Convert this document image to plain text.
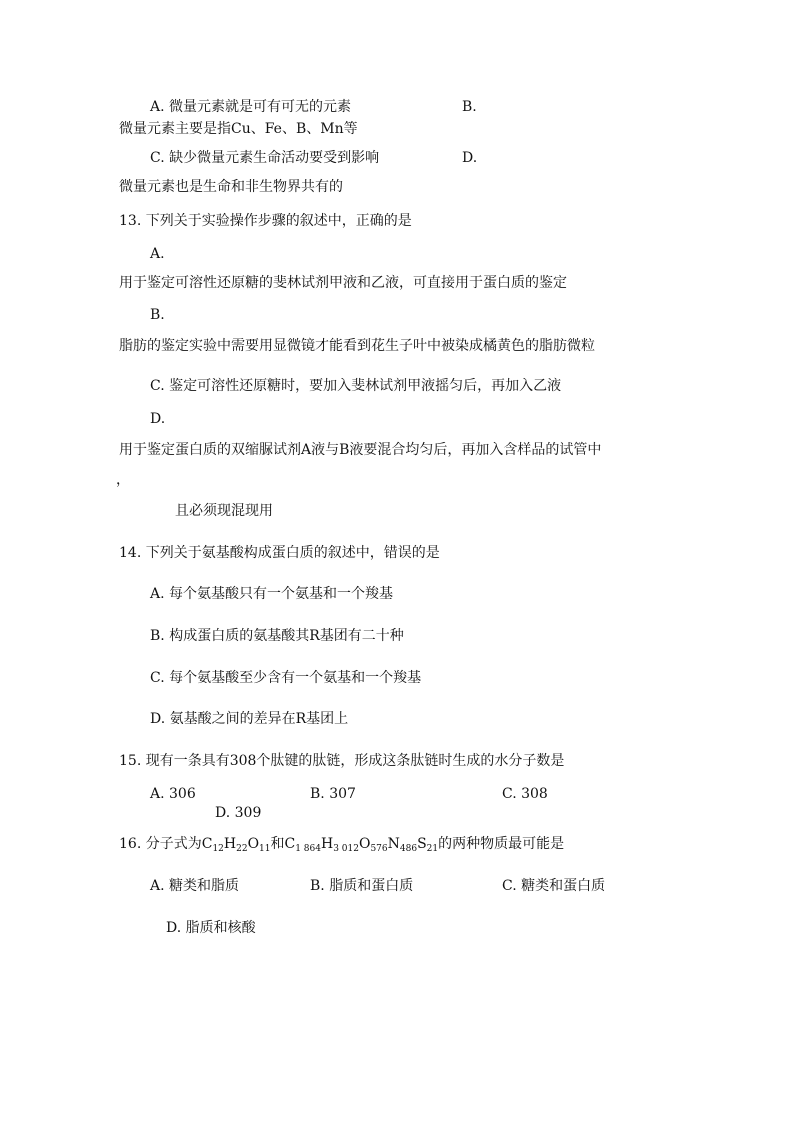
A. 微量元素就是可有可无的元素	B.
微量元素主要是指Cu、Fe、B、Mn等
C. 缺少微量元素生命活动要受到影响	D.
微量元素也是生命和非生物界共有的
13. 下列关于实验操作步骤的叙述中，正确的是
A.
用于鉴定可溶性还原糖的斐林试剂甲液和乙液，可直接用于蛋白质的鉴定
B.
脂肪的鉴定实验中需要用显微镜才能看到花生子叶中被染成橘黄色的脂肪微粒
C. 鉴定可溶性还原糖时，要加入斐林试剂甲液摇匀后，再加入乙液
D.
用于鉴定蛋白质的双缩脲试剂A液与B液要混合均匀后，再加入含样品的试管中
，
且必须现混现用
14. 下列关于氨基酸构成蛋白质的叙述中，错误的是
A. 每个氨基酸只有一个氨基和一个羧基
B. 构成蛋白质的氨基酸其R基团有二十种
C. 每个氨基酸至少含有一个氨基和一个羧基
D. 氨基酸之间的差异在R基团上
15. 现有一条具有308个肽键的肽链，形成这条肽链时生成的水分子数是
A. 306	B. 307	C. 308
D. 309
16. 分子式为$C_{12}H_{22}O_{11}$和$C_{1 864}H_{3 012}O_{576}N_{486}S_{21}$的两种物质最可能是
A. 糖类和脂质	B. 脂质和蛋白质	C. 糖类和蛋白质
D. 脂质和核酸
